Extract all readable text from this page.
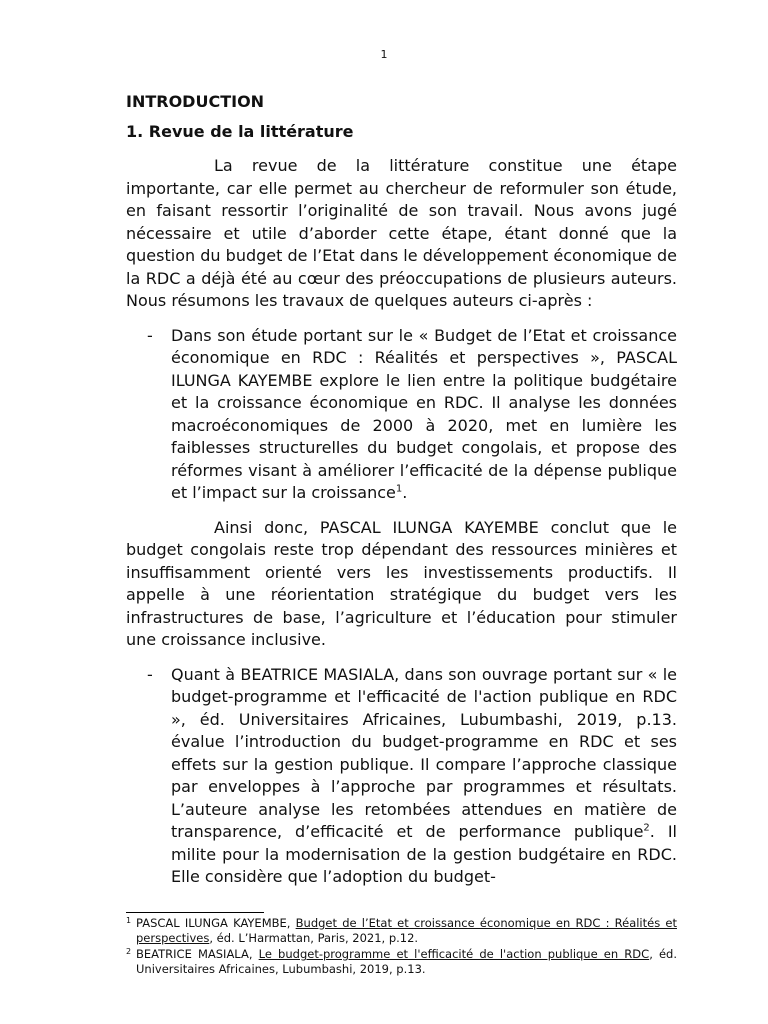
1
INTRODUCTION
1. Revue de la littérature

La revue de la littérature constitue une étape importante, car elle permet au chercheur de reformuler son étude, en faisant ressortir l’originalité de son travail. Nous avons jugé nécessaire et utile d’aborder cette étape, étant donné que la question du budget de l’Etat dans le développement économique de la RDC a déjà été au cœur des préoccupations de plusieurs auteurs. Nous résumons les travaux de quelques auteurs ci-après :

- Dans son étude portant sur le « Budget de l’Etat et croissance économique en RDC : Réalités et perspectives », PASCAL ILUNGA KAYEMBE explore le lien entre la politique budgétaire et la croissance économique en RDC. Il analyse les données macroéconomiques de 2000 à 2020, met en lumière les faiblesses structurelles du budget congolais, et propose des réformes visant à améliorer l’efficacité de la dépense publique et l’impact sur la croissance$^1$.

Ainsi donc, PASCAL ILUNGA KAYEMBE conclut que le budget congolais reste trop dépendant des ressources minières et insuffisamment orienté vers les investissements productifs. Il appelle à une réorientation stratégique du budget vers les infrastructures de base, l’agriculture et l’éducation pour stimuler une croissance inclusive.

- Quant à BEATRICE MASIALA, dans son ouvrage portant sur « le budget-programme et l'efficacité de l'action publique en RDC », éd. Universitaires Africaines, Lubumbashi, 2019, p.13. évalue l’introduction du budget-programme en RDC et ses effets sur la gestion publique. Il compare l’approche classique par enveloppes à l’approche par programmes et résultats. L’auteure analyse les retombées attendues en matière de transparence, d’efficacité et de performance publique$^2$. Il milite pour la modernisation de la gestion budgétaire en RDC. Elle considère que l’adoption du budget-
1 PASCAL ILUNGA KAYEMBE, Budget de l’Etat et croissance économique en RDC : Réalités et perspectives, éd. L’Harmattan, Paris, 2021, p.12.
2 BEATRICE MASIALA, Le budget-programme et l'efficacité de l'action publique en RDC, éd. Universitaires Africaines, Lubumbashi, 2019, p.13.
